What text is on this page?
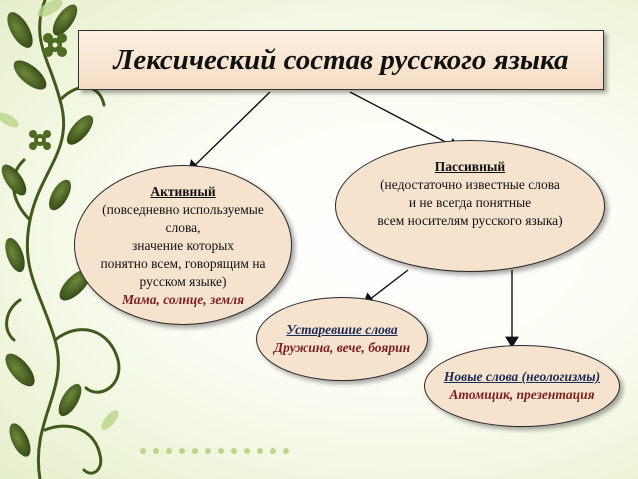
Лексический состав русского языка
Активный
(повседневно используемые
слова,
значение которых
понятно всем, говорящим на
русском языке)
Мама, солнце, земля
Пассивный
(недостаточно известные слова
и не всегда понятные
всем носителям русского языка)
Устаревшие слова
Дружина, вече, боярин
Новые слова (неологизмы)
Атомщик, презентация
